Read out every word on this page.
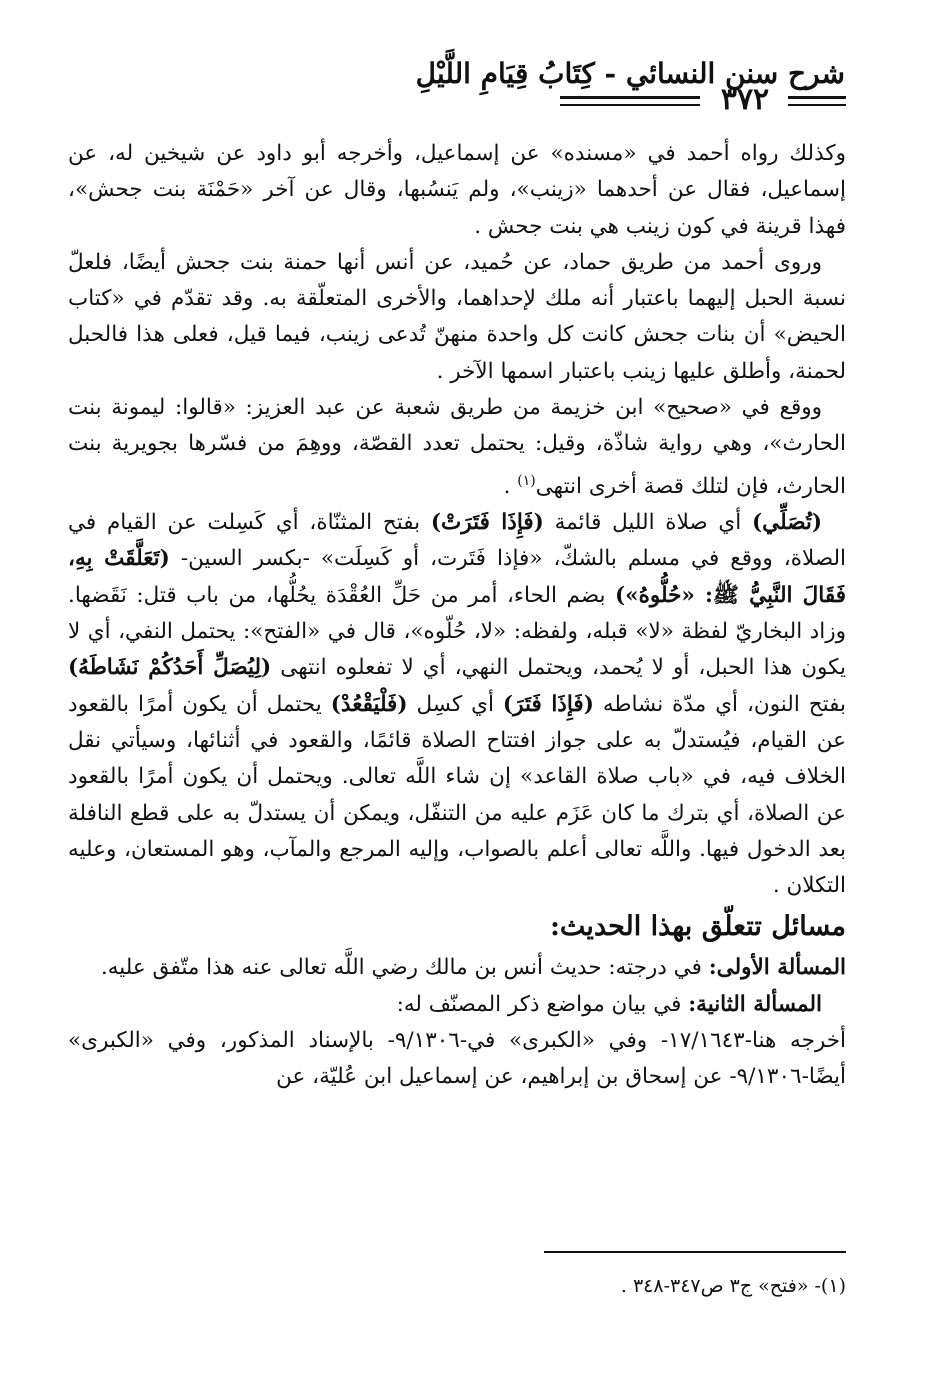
شرح سنن النسائي - كِتَابُ قِيَامِ اللَّيْلِ
٣٧٢

وكذلك رواه أحمد في «مسنده» عن إسماعيل، وأخرجه أبو داود عن شيخين له، عن إسماعيل، فقال عن أحدهما «زينب»، ولم يَنسُبها، وقال عن آخر «حَمْنَة بنت جحش»، فهذا قرينة في كون زينب هي بنت جحش .

وروى أحمد من طريق حماد، عن حُميد، عن أنس أنها حمنة بنت جحش أيضًا، فلعلّ نسبة الحبل إليهما باعتبار أنه ملك لإحداهما، والأخرى المتعلّقة به. وقد تقدّم في «كتاب الحيض» أن بنات جحش كانت كل واحدة منهنّ تُدعى زينب، فيما قيل، فعلى هذا فالحبل لحمنة، وأطلق عليها زينب باعتبار اسمها الآخر .

ووقع في «صحيح» ابن خزيمة من طريق شعبة عن عبد العزيز: «قالوا: ليمونة بنت الحارث»، وهي رواية شاذّة، وقيل: يحتمل تعدد القصّة، ووهِمَ من فسّرها بجويرية بنت الحارث، فإن لتلك قصة أخرى انتهى$^{(١)}$ .

(تُصَلِّي) أي صلاة الليل قائمة (فَإِذَا فَتَرَتْ) بفتح المثنّاة، أي كَسِلت عن القيام في الصلاة، ووقع في مسلم بالشكّ، «فإذا فَتَرت، أو كَسِلَت» -بكسر السين- (تَعَلَّقَتْ بِهِ، فَقَالَ النَّبِيُّ ﷺ: «حُلُّوهُ») بضم الحاء، أمر من حَلِّ العُقْدَة يحُلُّها، من باب قتل: نَقَضها. وزاد البخاريّ لفظة «لا» قبله، ولفظه: «لا، حُلّوه»، قال في «الفتح»: يحتمل النفي، أي لا يكون هذا الحبل، أو لا يُحمد، ويحتمل النهي، أي لا تفعلوه انتهى (لِيُصَلِّ أَحَدُكُمْ نَشَاطَهُ) بفتح النون، أي مدّة نشاطه (فَإِذَا فَتَرَ) أي كسِل (فَلْيَقْعُدْ) يحتمل أن يكون أمرًا بالقعود عن القيام، فيُستدلّ به على جواز افتتاح الصلاة قائمًا، والقعود في أثنائها، وسيأتي نقل الخلاف فيه، في «باب صلاة القاعد» إن شاء اللَّه تعالى. ويحتمل أن يكون أمرًا بالقعود عن الصلاة، أي بترك ما كان عَزَم عليه من التنفّل، ويمكن أن يستدلّ به على قطع النافلة بعد الدخول فيها. واللَّه تعالى أعلم بالصواب، وإليه المرجع والمآب، وهو المستعان، وعليه التكلان .

مسائل تتعلّق بهذا الحديث:

المسألة الأولى: في درجته: حديث أنس بن مالك رضي اللَّه تعالى عنه هذا متّفق عليه.

المسألة الثانية: في بيان مواضع ذكر المصنّف له:

أخرجه هنا-١٧/١٦٤٣- وفي «الكبرى» في-٩/١٣٠٦- بالإسناد المذكور، وفي «الكبرى» أيضًا-٩/١٣٠٦- عن إسحاق بن إبراهيم، عن إسماعيل ابن عُليّة، عن

(١)- «فتح» ج٣ ص٣٤٧-٣٤٨ .
